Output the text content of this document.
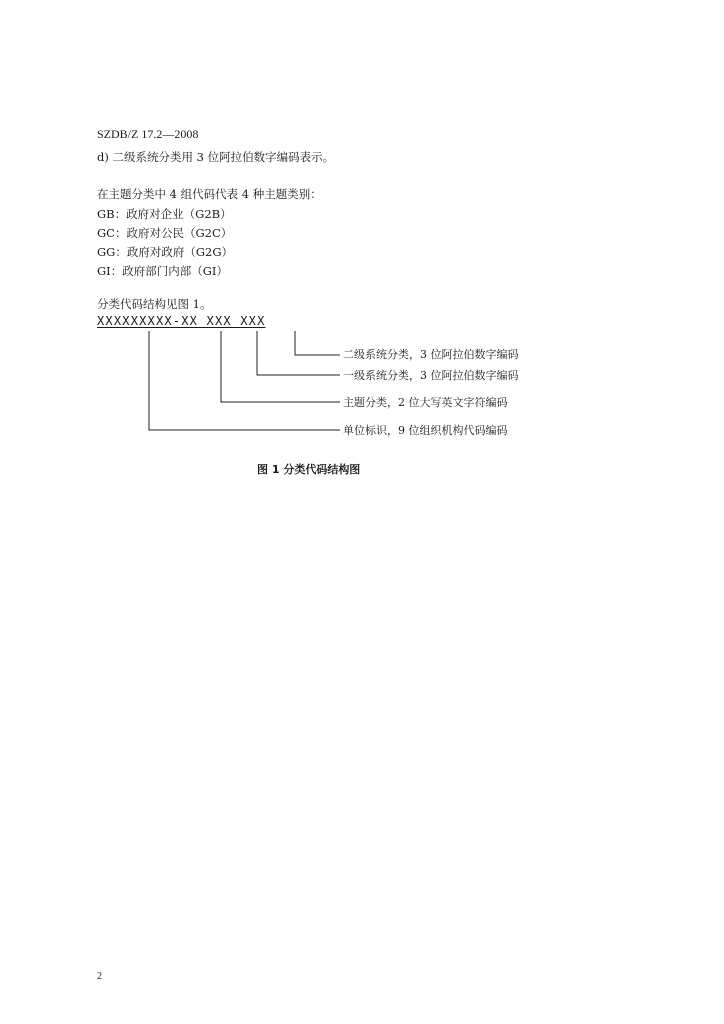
SZDB/Z 17.2—2008
d) 二级系统分类用 3 位阿拉伯数字编码表示。
在主题分类中 4 组代码代表 4 种主题类别：
GB：政府对企业（G2B）
GC：政府对公民（G2C）
GG：政府对政府（G2G）
GI：政府部门内部（GI）
分类代码结构见图 1。
XXXXXXXXX-XX XXX XXX
二级系统分类，3 位阿拉伯数字编码
一级系统分类，3 位阿拉伯数字编码
主题分类，2 位大写英文字符编码
单位标识，9 位组织机构代码编码
图 1 分类代码结构图
2
